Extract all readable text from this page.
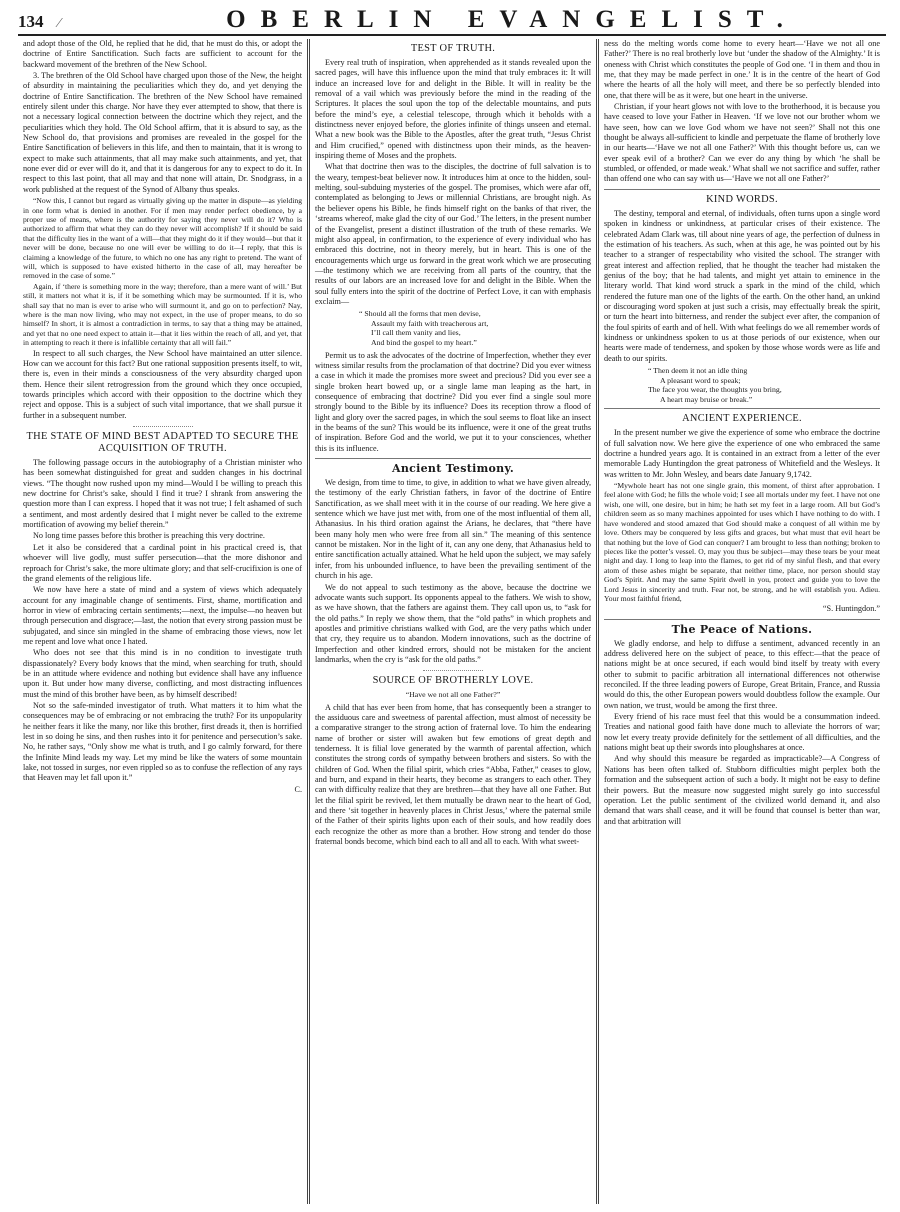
134	⁄	OBERLIN EVANGELIST.

and adopt those of the Old, he replied that he did, that he must do this, or adopt the doctrine of Entire Sanctification. Such facts are sufficient to account for the backward movement of the brethren of the New School.

3. The brethren of the Old School have charged upon those of the New, the height of absurdity in maintaining the peculiarities which they do, and yet denying the doctrine of Entire Sanctification. The brethren of the New School have remained entirely silent under this charge. Nor have they ever attempted to show, that there is not a necessary logical connection between the doctrine which they reject, and the peculiarities which they hold. The Old School affirm, that it is absurd to say, as the New School do, that provisions and promises are revealed in the gospel for the Entire Sanctification of believers in this life, and then to maintain, that it is wrong to expect to make such attainments, that all may make such attainments, and yet, that none ever did or ever will do it, and that it is dangerous for any to expect to do it. In respect to this last point, that all may and that none will attain, Dr. Snodgrass, in a work published at the request of the Synod of Albany thus speaks.

“Now this, I cannot but regard as virtually giving up the matter in dispute—as yielding in one form what is denied in another. For if men may render perfect obedience, by a proper use of means, where is the authority for saying they never will do it? Who is authorized to affirm that what they can do they never will accomplish? If it should be said that the difficulty lies in the want of a will—that they might do it if they would—but that it never will be done, because no one will ever be willing to do it—I reply, that this is claiming a knowledge of the future, to which no one has any right to pretend. The want of will, which is supposed to have existed hitherto in the case of all, may hereafter be removed in the case of some.”

Again, if ‘there is something more in the way; therefore, than a mere want of will.’ But still, it matters not what it is, if it be something which may be surmounted. If it is, who shall say that no man is ever to arise who will surmount it, and go on to perfection? Nay, where is the man now living, who may not expect, in the use of proper means, to do so himself? In short, it is almost a contradiction in terms, to say that a thing may be attained, and yet that no one need expect to attain it—that it lies within the reach of all, and yet, that in attempting to reach it there is infallible certainty that all will fail.”

In respect to all such charges, the New School have maintained an utter silence. How can we account for this fact? But one rational supposition presents itself, to wit, there is, even in their minds a consciousness of the very absurdity charged upon them. Hence their silent retrogression from the ground which they once occupied, towards principles which accord with their opposition to the doctrine which they reject and oppose. This is a subject of such vital importance, that we shall pursue it further in a subsequent number.

THE STATE OF MIND BEST ADAPTED TO SECURE THE ACQUISITION OF TRUTH.

The following passage occurs in the autobiography of a Christian minister who has been somewhat distinguished for great and sudden changes in his doctrinal views. “The thought now rushed upon my mind—Would I be willing to preach this new doctrine for Christ’s sake, should I find it true? I shrank from answering the question more than I can express. I hoped that it was not true; I felt ashamed of such a sentiment, and most ardently desired that I might never be called to the extreme mortification of avowing my belief therein.”

No long time passes before this brother is preaching this very doctrine.

Let it also be considered that a cardinal point in his practical creed is, that whoever will live godly, must suffer persecution—that the more dishonor and reproach for Christ’s sake, the more ultimate glory; and that self-crucifixion is one of the grand elements of the religious life.

We now have here a state of mind and a system of views which adequately account for any imaginable change of sentiments. First, shame, mortification and horror in view of embracing certain sentiments;—next, the impulse—no heaven but through persecution and disgrace;—last, the notion that every strong passion must be subjugated, and since sin mingled in the shame of embracing those views, now let me repent and love what once I hated.

Who does not see that this mind is in no condition to investigate truth dispassionately? Every body knows that the mind, when searching for truth, should be in an attitude where evidence and nothing but evidence shall have any influence upon it. But under how many diverse, conflicting, and most distracting influences must the mind of this brother have been, as by himself described!

Not so the safe-minded investigator of truth. What matters it to him what the consequences may be of embracing or not embracing the truth? For its unpopularity he neither fears it like the many, nor like this brother, first dreads it, then is horrified lest in so doing he sins, and then rushes into it for penitence and persecution’s sake. No, he rather says, “Only show me what is truth, and I go calmly forward, for there the Infinite Mind leads my way. Let my mind be like the waters of some mountain lake, not tossed in surges, nor even rippled so as to confuse the reflection of any rays that Heaven may let fall upon it.”

C.

TEST OF TRUTH.

Every real truth of inspiration, when apprehended as it stands revealed upon the sacred pages, will have this influence upon the mind that truly embraces it: It will induce an increased love for and delight in the Bible. It will in reality be the removal of a vail which was previously before the mind in the reading of the Scriptures. It places the soul upon the top of the delectable mountains, and puts before the mind’s eye, a celestial telescope, through which it beholds with a distinctness never enjoyed before, the glories infinite of things unseen and eternal. What a new book was the Bible to the Apostles, after the great truth, “Jesus Christ and Him crucified,” opened with distinctness upon their minds, as the heaven-inspiring theme of Moses and the prophets.

What that doctrine then was to the disciples, the doctrine of full salvation is to the weary, tempest-beat believer now. It introduces him at once to the hidden, soul-melting, soul-subduing mysteries of the gospel. The promises, which were afar off, contemplated as belonging to Jews or millennial Christians, are brought nigh. As the believer opens his Bible, he finds himself right on the banks of that river, the ‘streams whereof, make glad the city of our God.’ The letters, in the present number of the Evangelist, present a distinct illustration of the truth of these remarks. We might also appeal, in confirmation, to the experience of every individual who has embraced this doctrine, not in theory merely, but in heart. This is one of the encouragements which urge us forward in the great work which we are prosecuting—the testimony which we are receiving from all parts of the country, that the results of our labors are an increased love for and delight in the Bible. When the soul fully enters into the spirit of the doctrine of Perfect Love, it can with emphasis exclaim—

“ Should all the forms that men devise,
Assault my faith with treacherous art,
I’ll call them vanity and lies,
And bind the gospel to my heart.”

Permit us to ask the advocates of the doctrine of Imperfection, whether they ever witness similar results from the proclamation of that doctrine? Did you ever witness a case in which it made the promises more sweet and precious? Did you ever see a single broken heart bowed up, or a single lame man leaping as the hart, in consequence of embracing that doctrine? Did you ever find a single soul more strongly bound to the Bible by its influence? Does its reception throw a flood of light and glory over the sacred pages, in which the soul seems to float like an insect in the beams of the sun? This would be its influence, were it one of the great truths of inspiration. Before God and the world, we put it to your consciences, whether this is its influence.

Ancient Testimony.

We design, from time to time, to give, in addition to what we have given already, the testimony of the early Christian fathers, in favor of the doctrine of Entire Sanctification, as we shall meet with it in the course of our reading. We here give a sentence which we have just met with, from one of the most influential of them all, Athanasius. In his third oration against the Arians, he declares, that “there have been many holy men who were free from all sin.” The meaning of this sentence cannot be mistaken. Nor in the light of it, can any one deny, that Athanasius held to entire sanctification actually attained. What he held upon the subject, we may safely infer, from his unbounded influence, to have been the prevailing sentiment of the church in his age.

We do not appeal to such testimony as the above, because the doctrine we advocate wants such support. Its opponents appeal to the fathers. We wish to show, as we have shown, that the fathers are against them. They call upon us, to “ask for the old paths.” In reply we show them, that the “old paths” in which prophets and apostles and primitive christians walked with God, are the very paths which under that cry, they require us to abandon. Modern innovations, such as the doctrine of Imperfection and other kindred errors, should not be mistaken for the ancient landmarks, when the cry is “ask for the old paths.”

SOURCE OF BROTHERLY LOVE.
“Have we not all one Father?”

A child that has ever been from home, that has consequently been a stranger to the assiduous care and sweetness of parental affection, must almost of necessity be a comparative stranger to the strong action of fraternal love. To him the endearing name of brother or sister will awaken but few emotions of great depth and tenderness. It is filial love generated by the warmth of parental affection, which constitutes the strong cords of sympathy between brothers and sisters. So with the children of God. When the filial spirit, which cries “Abba, Father,” ceases to glow, and burn, and expand in their hearts, they become as strangers to each other. They can with difficulty realize that they are brethren—that they have all one Father. But let the filial spirit be revived, let them mutually be drawn near to the heart of God, and there ‘sit together in heavenly places in Christ Jesus,’ where the paternal smile of the Father of their spirits lights upon each of their souls, and how readily does each recognize the other as more than a brother. How strong and tender do those fraternal bonds become, which bind each to all and all to each. With what sweet-

ness do the melting words come home to every heart—‘Have we not all one Father?’ There is no real brotherly love but ‘under the shadow of the Almighty.’ It is oneness with Christ which constitutes the people of God one. ‘I in them and thou in me, that they may be made perfect in one.’ It is in the centre of the heart of God where the hearts of all the holy will meet, and there be so perfectly blended into one, that there will be as it were, but one heart in the universe.

Christian, if your heart glows not with love to the brotherhood, it is because you have ceased to love your Father in Heaven. ‘If we love not our brother whom we have seen, how can we love God whom we have not seen?’ Shall not this one thought be always all-sufficient to kindle and perpetuate the flame of brotherly love in our hearts—‘Have we not all one Father?’ With this thought before us, can we ever speak evil of a brother? Can we ever do any thing by which ‘he shall be stumbled, or offended, or made weak.’ What shall we not sacrifice and suffer, rather than offend one who can say with us—‘Have we not all one Father?’

KIND WORDS.

The destiny, temporal and eternal, of individuals, often turns upon a single word spoken in kindness or unkindness, at particular crises of their existence. The celebrated Adam Clark was, till about nine years of age, the perfection of dulness in the estimation of his teachers. As such, when at this age, he was pointed out by his teacher to a stranger of respectability who visited the school. The stranger with great interest and affection replied, that he thought the teacher had mistaken the genius of the boy; that he had talents, and might yet attain to eminence in the literary world. That kind word struck a spark in the mind of the child, which rendered the future man one of the lights of the earth. On the other hand, an unkind or discouraging word spoken at just such a crisis, may effectually break the spirit, or turn the heart into bitterness, and render the subject ever after, the companion of the foul spirits of earth and of hell. With what feelings do we all remember words of kindness or unkindness spoken to us at those periods of our existence, when our hearts were made of tenderness, and spoken by those whose words were as life and death to our spirits.

“ Then deem it not an idle thing
A pleasant word to speak;
The face you wear, the thoughts you bring,
A heart may bruise or break.”
ANCIENT EXPERIENCE.

In the present number we give the experience of some who embrace the doctrine of full salvation now. We here give the experience of one who embraced the same doctrine a hundred years ago. It is contained in an extract from a letter of the ever memorable Lady Huntingdon the great patroness of Whitefield and the Wesleys. It was written to Mr. John Wesley, and bears date January 9,1742.

“Mywhole heart has not one single grain, this moment, of thirst after approbation. I feel alone with God; he fills the whole void; I see all mortals under my feet. I have not one wish, one will, one desire, but in him; he hath set my feet in a large room. All but God’s children seem as so many machines appointed for uses which I have nothing to do with. I have wondered and stood amazed that God should make a conquest of all within me by love. Others may be conquered by less gifts and graces, but what must that evil heart be that nothing but the love of God can conquer? I am brought to less than nothing; broken to pieces like the potter’s vessel. O, may you thus be subject—may these tears be your meat night and day. I long to leap into the flames, to get rid of my sinful flesh, and that every atom of these ashes might be separate, that neither time, place, nor person should stay God’s Spirit. And may the same Spirit dwell in you, protect and guide you to love the Lord Jesus in sincerity and truth. Fear not, be strong, and he will establish you. Adieu. Your most faithful friend,

“S. Huntingdon.”

The Peace of Nations.

We gladly endorse, and help to diffuse a sentiment, advanced recently in an address delivered here on the subject of peace, to this effect:—that the peace of nations might be at once secured, if each would bind itself by treaty with every other to submit to pacific arbitration all international differences not otherwise reconciled. If the three leading powers of Europe, Great Britain, France, and Russia would do this, the other European powers would doubtless follow the example. Our own nation, we trust, would be among the first three.

Every friend of his race must feel that this would be a consummation indeed. Treaties and national good faith have done much to alleviate the horrors of war; now let every treaty provide definitely for the settlement of all difficulties, and the nations might beat up their swords into ploughshares at once.

And why should this measure be regarded as impracticable?—A Congress of Nations has been often talked of. Stubborn difficulties might perplex both the formation and the subsequent action of such a body. It might not be easy to define their powers. But the measure now suggested might surely go into successful operation. Let the public sentiment of the civilized world demand it, and also demand that wars shall cease, and it will be found that counsel is better than war, and that arbitration will
